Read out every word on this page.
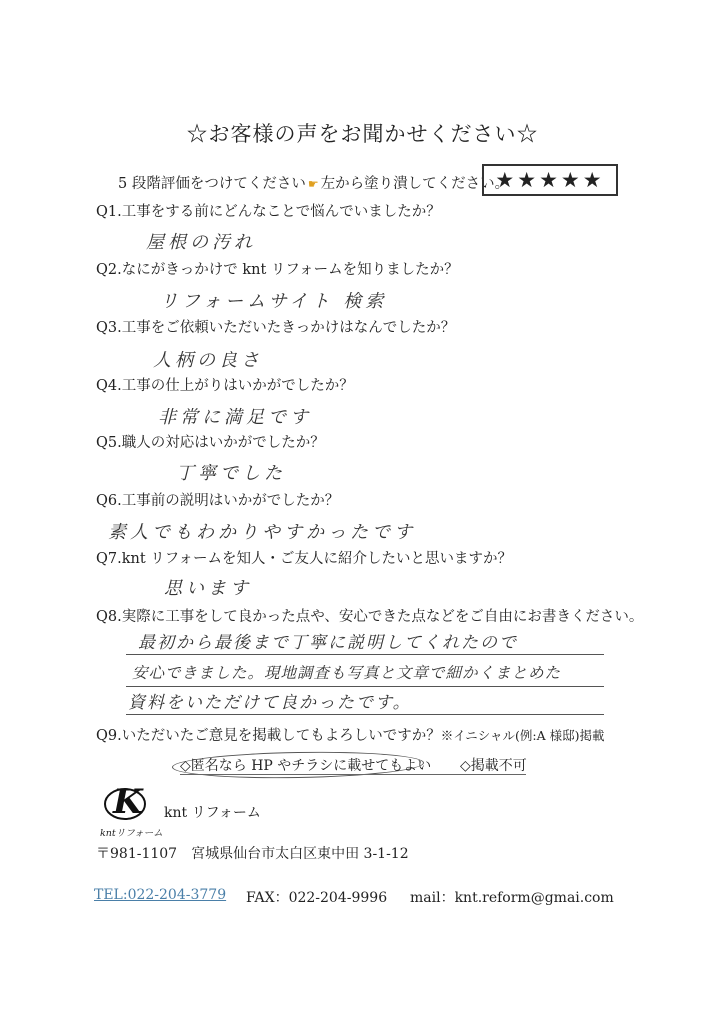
☆お客様の声をお聞かせください☆
5 段階評価をつけてください ☛ 左から塗り潰してください。
★★★★★
Q1.工事をする前にどんなことで悩んでいましたか？
屋根の汚れ
Q2.なにがきっかけで knt リフォームを知りましたか？
リフォームサイト 検索
Q3.工事をご依頼いただいたきっかけはなんでしたか？
人柄の良さ
Q4.工事の仕上がりはいかがでしたか？
非常に満足です
Q5.職人の対応はいかがでしたか？
丁寧でした
Q6.工事前の説明はいかがでしたか？
素人でもわかりやすかったです
Q7.knt リフォームを知人・ご友人に紹介したいと思いますか？
思います
Q8.実際に工事をして良かった点や、安心できた点などをご自由にお書きください。
最初から最後まで丁寧に説明してくれたので
安心できました。現地調査も写真と文章で細かくまとめた
資料をいただけて良かったです。
Q9.いただいたご意見を掲載してもよろしいですか？※イニシャル(例:A 様邸)掲載
◇匿名なら HP やチラシに載せてもよい ◇掲載不可
K
kntリフォーム
knt リフォーム
〒981-1107　宮城県仙台市太白区東中田 3-1-12
TEL:022-204-3779 FAX：022-204-9996 mail：knt.reform@gmai.com
